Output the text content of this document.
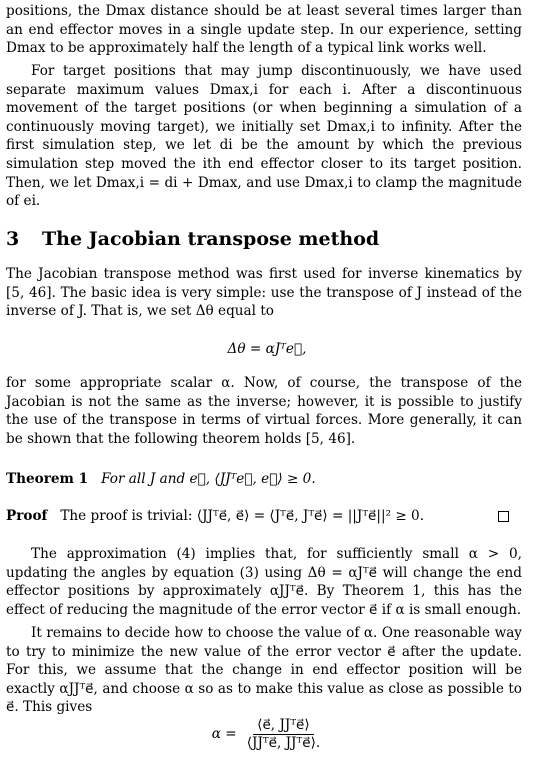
positions, the Dmax distance should be at least several times larger than an end effector moves in a single update step. In our experience, setting Dmax to be approximately half the length of a typical link works well.

For target positions that may jump discontinuously, we have used separate maximum values Dmax,i for each i. After a discontinuous movement of the target positions (or when beginning a simulation of a continuously moving target), we initially set Dmax,i to infinity. After the first simulation step, we let di be the amount by which the previous simulation step moved the ith end effector closer to its target position. Then, we let Dmax,i = di + Dmax, and use Dmax,i to clamp the magnitude of ei.

3 The Jacobian transpose method

The Jacobian transpose method was first used for inverse kinematics by [5, 46]. The basic idea is very simple: use the transpose of J instead of the inverse of J. That is, we set Δθ equal to

Δθ = αJᵀe⃗,

for some appropriate scalar α. Now, of course, the transpose of the Jacobian is not the same as the inverse; however, it is possible to justify the use of the transpose in terms of virtual forces. More generally, it can be shown that the following theorem holds [5, 46].

Theorem 1 For all J and e⃗, ⟨JJᵀe⃗, e⃗⟩ ≥ 0.
Proof The proof is trivial: ⟨JJᵀe⃗, e⃗⟩ = ⟨Jᵀe⃗, Jᵀe⃗⟩ = ||Jᵀe⃗||² ≥ 0.

The approximation (4) implies that, for sufficiently small α > 0, updating the angles by equation (3) using Δθ = αJᵀe⃗ will change the end effector positions by approximately αJJᵀe⃗. By Theorem 1, this has the effect of reducing the magnitude of the error vector e⃗ if α is small enough.

It remains to decide how to choose the value of α. One reasonable way to try to minimize the new value of the error vector e⃗ after the update. For this, we assume that the change in end effector position will be exactly αJJᵀe⃗, and choose α so as to make this value as close as possible to e⃗. This gives

α =
⟨e⃗, JJᵀe⃗⟩
⟨JJᵀe⃗, JJᵀe⃗⟩.
